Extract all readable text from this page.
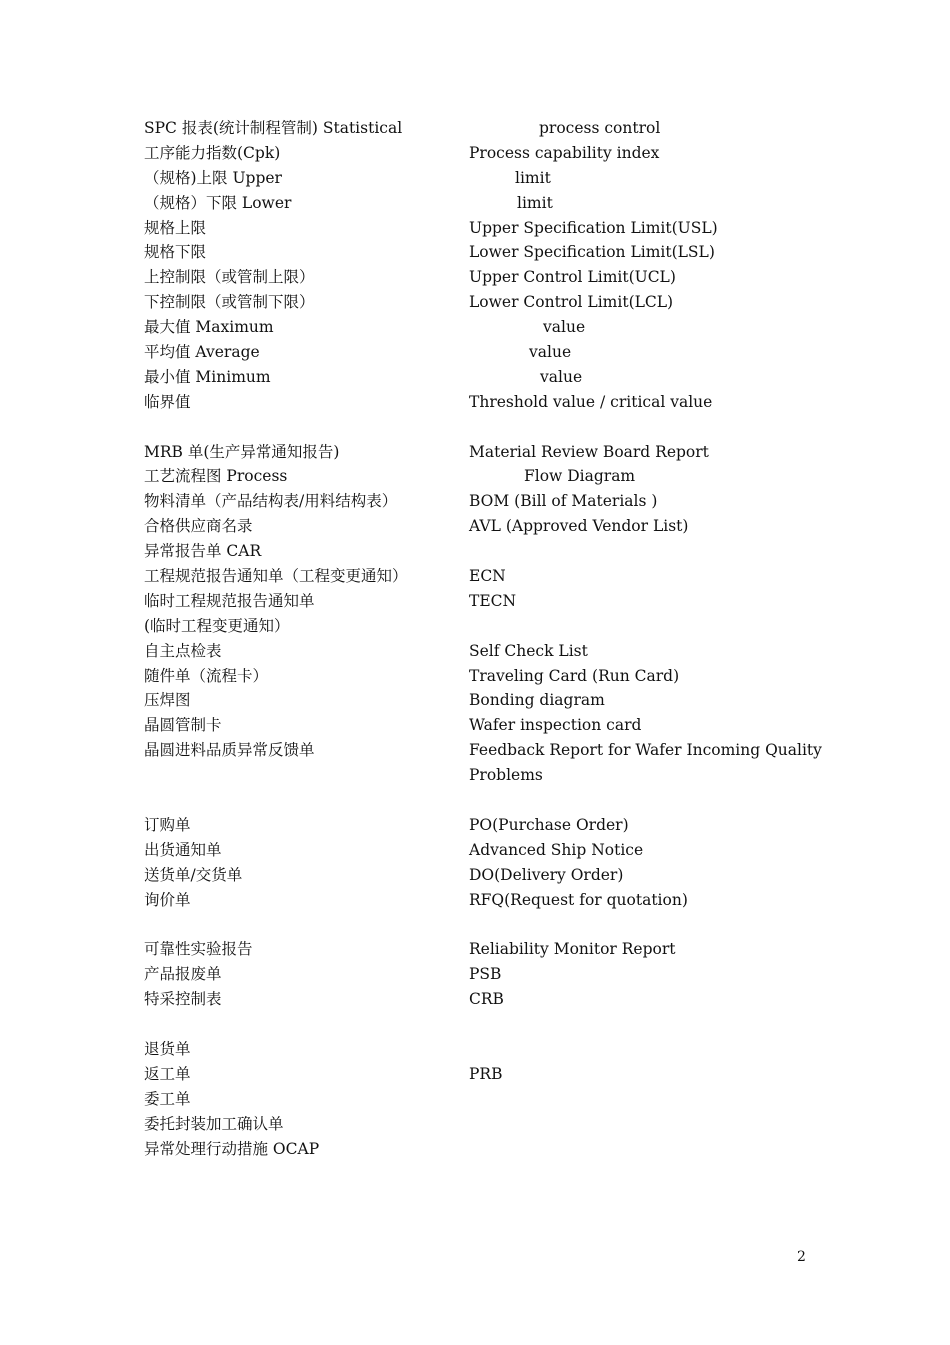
SPC 报表(统计制程管制) Statistical	process control
工序能力指数(Cpk)	Process capability index
（规格)上限 Upper	limit
（规格）下限 Lower	limit
规格上限	Upper Specification Limit(USL)
规格下限	Lower Specification Limit(LSL)
上控制限（或管制上限）	Upper Control Limit(UCL)
下控制限（或管制下限）	Lower Control Limit(LCL)
最大值 Maximum	value
平均值 Average	value
最小值 Minimum	value
临界值	Threshold value / critical value
MRB 单(生产异常通知报告)	Material Review Board Report
工艺流程图 Process	Flow Diagram
物料清单（产品结构表/用料结构表）	BOM (Bill of Materials )
合格供应商名录	AVL (Approved Vendor List)
异常报告单 CAR
工程规范报告通知单（工程变更通知）	ECN
临时工程规范报告通知单	TECN
(临时工程变更通知）
自主点检表	Self Check List
随件单（流程卡）	Traveling Card (Run Card)
压焊图	Bonding diagram
晶圆管制卡	Wafer inspection card
晶圆进料品质异常反馈单	Feedback Report for Wafer Incoming Quality
Problems
订购单	PO(Purchase Order)
出货通知单	Advanced Ship Notice
送货单/交货单	DO(Delivery Order)
询价单	RFQ(Request for quotation)
可靠性实验报告	Reliability Monitor Report
产品报废单	PSB
特采控制表	CRB
退货单
返工单	PRB
委工单
委托封装加工确认单
异常处理行动措施 OCAP
2
